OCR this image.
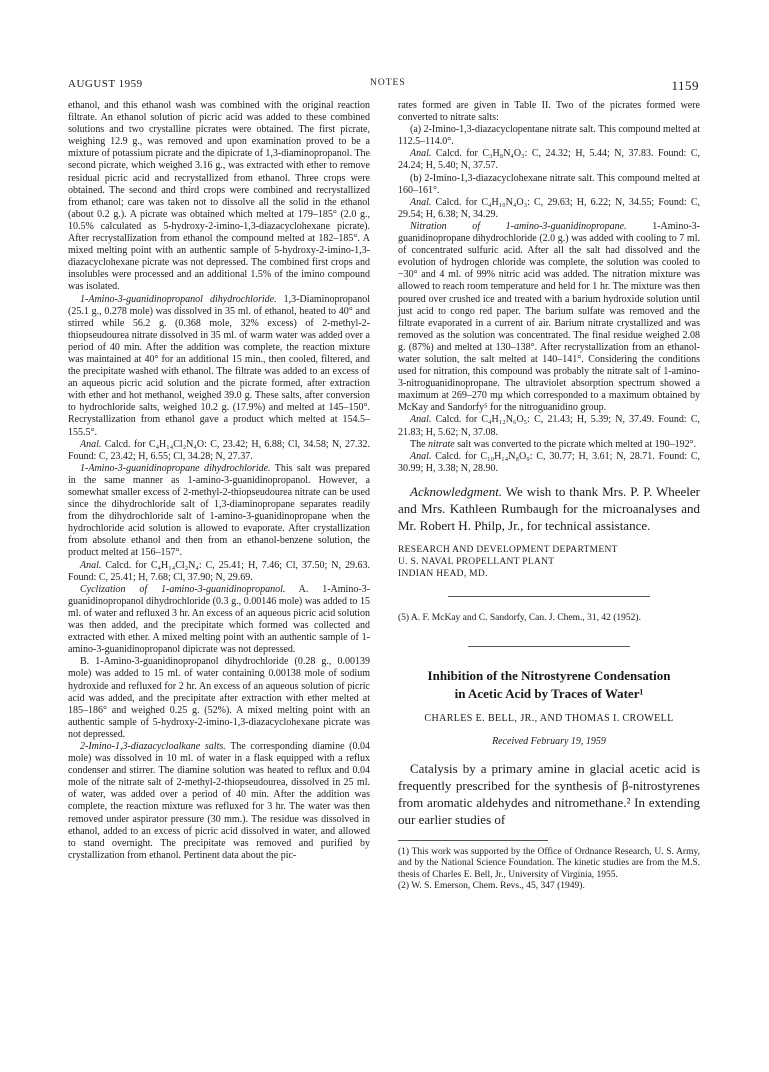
AUGUST 1959	NOTES	1159

ethanol, and this ethanol wash was combined with the original reaction filtrate. An ethanol solution of picric acid was added to these combined solutions and two crystalline picrates were obtained. The first picrate, weighing 12.9 g., was removed and upon examination proved to be a mixture of potassium picrate and the dipicrate of 1,3-diaminopropanol. The second picrate, which weighed 3.16 g., was extracted with ether to remove residual picric acid and recrystallized from ethanol. Three crops were obtained. The second and third crops were combined and recrystallized from ethanol; care was taken not to dissolve all the solid in the ethanol (about 0.2 g.). A picrate was obtained which melted at 179–185° (2.0 g., 10.5% calculated as 5-hydroxy-2-imino-1,3-diazacyclohexane picrate). After recrystallization from ethanol the compound melted at 182–185°. A mixed melting point with an authentic sample of 5-hydroxy-2-imino-1,3-diazacyclohexane picrate was not depressed. The combined first crops and insolubles were processed and an additional 1.5% of the imino compound was isolated.

1-Amino-3-guanidinopropanol dihydrochloride. 1,3-Diaminopropanol (25.1 g., 0.278 mole) was dissolved in 35 ml. of ethanol, heated to 40° and stirred while 56.2 g. (0.368 mole, 32% excess) of 2-methyl-2-thiopseudourea nitrate dissolved in 35 ml. of warm water was added over a period of 40 min. After the addition was complete, the reaction mixture was maintained at 40° for an additional 15 min., then cooled, filtered, and the precipitate washed with ethanol. The filtrate was added to an excess of an aqueous picric acid solution and the picrate formed, after extraction with ether and hot methanol, weighed 39.0 g. These salts, after conversion to hydrochloride salts, weighed 10.2 g. (17.9%) and melted at 145–150°. Recrystallization from ethanol gave a product which melted at 154.5–155.5°.

Anal. Calcd. for C₄H₁₄Cl₂N₄O: C, 23.42; H, 6.88; Cl, 34.58; N, 27.32. Found: C, 23.42; H, 6.55; Cl, 34.28; N, 27.37.

1-Amino-3-guanidinopropane dihydrochloride. This salt was prepared in the same manner as 1-amino-3-guanidinopropanol. However, a somewhat smaller excess of 2-methyl-2-thiopseudourea nitrate can be used since the dihydrochloride salt of 1,3-diaminopropane separates readily from the dihydrochloride salt of 1-amino-3-guanidinopropane when the hydrochloride acid solution is allowed to evaporate. After crystallization from absolute ethanol and then from an ethanol-benzene solution, the product melted at 156–157°.

Anal. Calcd. for C₄H₁₄Cl₂N₄: C, 25.41; H, 7.46; Cl, 37.50; N, 29.63. Found: C, 25.41; H, 7.68; Cl, 37.90; N, 29.69.

Cyclization of 1-amino-3-guanidinopropanol. A. 1-Amino-3-guanidinopropanol dihydrochloride (0.3 g., 0.00146 mole) was added to 15 ml. of water and refluxed 3 hr. An excess of an aqueous picric acid solution was then added, and the precipitate which formed was collected and extracted with ether. A mixed melting point with an authentic sample of 1-amino-3-guanidinopropanol dipicrate was not depressed.

B. 1-Amino-3-guanidinopropanol dihydrochloride (0.28 g., 0.00139 mole) was added to 15 ml. of water containing 0.00138 mole of sodium hydroxide and refluxed for 2 hr. An excess of an aqueous solution of picric acid was added, and the precipitate after extraction with ether melted at 185–186° and weighed 0.25 g. (52%). A mixed melting point with an authentic sample of 5-hydroxy-2-imino-1,3-diazacyclohexane picrate was not depressed.

2-Imino-1,3-diazacycloalkane salts. The corresponding diamine (0.04 mole) was dissolved in 10 ml. of water in a flask equipped with a reflux condenser and stirrer. The diamine solution was heated to reflux and 0.04 mole of the nitrate salt of 2-methyl-2-thiopseudourea, dissolved in 25 ml. of water, was added over a period of 40 min. After the addition was complete, the reaction mixture was refluxed for 3 hr. The water was then removed under aspirator pressure (30 mm.). The residue was dissolved in ethanol, added to an excess of picric acid dissolved in water, and allowed to stand overnight. The precipitate was removed and purified by crystallization from ethanol. Pertinent data about the pic-

rates formed are given in Table II. Two of the picrates formed were converted to nitrate salts:

(a) 2-Imino-1,3-diazacyclopentane nitrate salt. This compound melted at 112.5–114.0°.

Anal. Calcd. for C₃H₈N₄O₃: C, 24.32; H, 5.44; N, 37.83. Found: C, 24.24; H, 5.40; N, 37.57.

(b) 2-Imino-1,3-diazacyclohexane nitrate salt. This compound melted at 160–161°.

Anal. Calcd. for C₄H₁₀N₄O₃: C, 29.63; H, 6.22; N, 34.55; Found: C, 29.54; H, 6.38; N, 34.29.

Nitration of 1-amino-3-guanidinopropane. 1-Amino-3-guanidinopropane dihydrochloride (2.0 g.) was added with cooling to 7 ml. of concentrated sulfuric acid. After all the salt had dissolved and the evolution of hydrogen chloride was complete, the solution was cooled to −30° and 4 ml. of 99% nitric acid was added. The nitration mixture was allowed to reach room temperature and held for 1 hr. The mixture was then poured over crushed ice and treated with a barium hydroxide solution until just acid to congo red paper. The barium sulfate was removed and the filtrate evaporated in a current of air. Barium nitrate crystallized and was removed as the solution was concentrated. The final residue weighed 2.08 g. (87%) and melted at 130–138°. After recrystallization from an ethanol-water solution, the salt melted at 140–141°. Considering the conditions used for nitration, this compound was probably the nitrate salt of 1-amino-3-nitroguanidinopropane. The ultraviolet absorption spectrum showed a maximum at 269–270 mμ which corresponded to a maximum obtained by McKay and Sandorfy⁵ for the nitroguanidino group.

Anal. Calcd. for C₄H₁₂N₆O₅: C, 21.43; H, 5.39; N, 37.49. Found: C, 21.83; H, 5.62; N, 37.08.

The nitrate salt was converted to the picrate which melted at 190–192°.

Anal. Calcd. for C₁₀H₁₄N₈O₉: C, 30.77; H, 3.61; N, 28.71. Found: C, 30.99; H, 3.38; N, 28.90.

Acknowledgment. We wish to thank Mrs. P. P. Wheeler and Mrs. Kathleen Rumbaugh for the microanalyses and Mr. Robert H. Philp, Jr., for technical assistance.

RESEARCH AND DEVELOPMENT DEPARTMENT
U. S. NAVAL PROPELLANT PLANT
INDIAN HEAD, MD.

(5) A. F. McKay and C. Sandorfy, Can. J. Chem., 31, 42 (1952).

Inhibition of the Nitrostyrene Condensation
in Acetic Acid by Traces of Water¹

CHARLES E. BELL, JR., AND THOMAS I. CROWELL

Received February 19, 1959

Catalysis by a primary amine in glacial acetic acid is frequently prescribed for the synthesis of β-nitrostyrenes from aromatic aldehydes and nitromethane.² In extending our earlier studies of

(1) This work was supported by the Office of Ordnance Research, U. S. Army, and by the National Science Foundation. The kinetic studies are from the M.S. thesis of Charles E. Bell, Jr., University of Virginia, 1955.

(2) W. S. Emerson, Chem. Revs., 45, 347 (1949).
